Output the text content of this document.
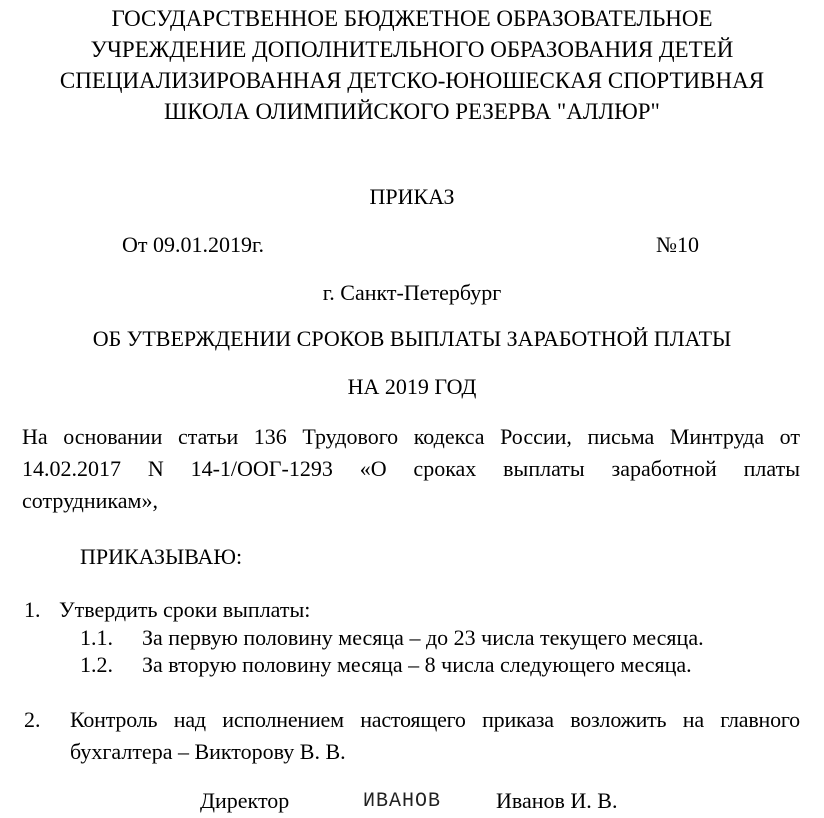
ГОСУДАРСТВЕННОЕ БЮДЖЕТНОЕ ОБРАЗОВАТЕЛЬНОЕ
УЧРЕЖДЕНИЕ ДОПОЛНИТЕЛЬНОГО ОБРАЗОВАНИЯ ДЕТЕЙ
СПЕЦИАЛИЗИРОВАННАЯ ДЕТСКО-ЮНОШЕСКАЯ СПОРТИВНАЯ
ШКОЛА ОЛИМПИЙСКОГО РЕЗЕРВА "АЛЛЮР"
ПРИКАЗ
От 09.01.2019г.	№10
г. Санкт-Петербург
ОБ УТВЕРЖДЕНИИ СРОКОВ ВЫПЛАТЫ ЗАРАБОТНОЙ ПЛАТЫ
НА 2019 ГОД
На основании статьи 136 Трудового кодекса России, письма Минтруда от
14.02.2017 N 14-1/ООГ-1293 «О сроках выплаты заработной платы
сотрудникам»,
ПРИКАЗЫВАЮ:
1. Утвердить сроки выплаты:
1.1. За первую половину месяца – до 23 числа текущего месяца.
1.2. За вторую половину месяца – 8 числа следующего месяца.
2. Контроль над исполнением настоящего приказа возложить на главного
бухгалтера – Викторову В. В.
Директор	ИВАНОВ Иванов И. В.
